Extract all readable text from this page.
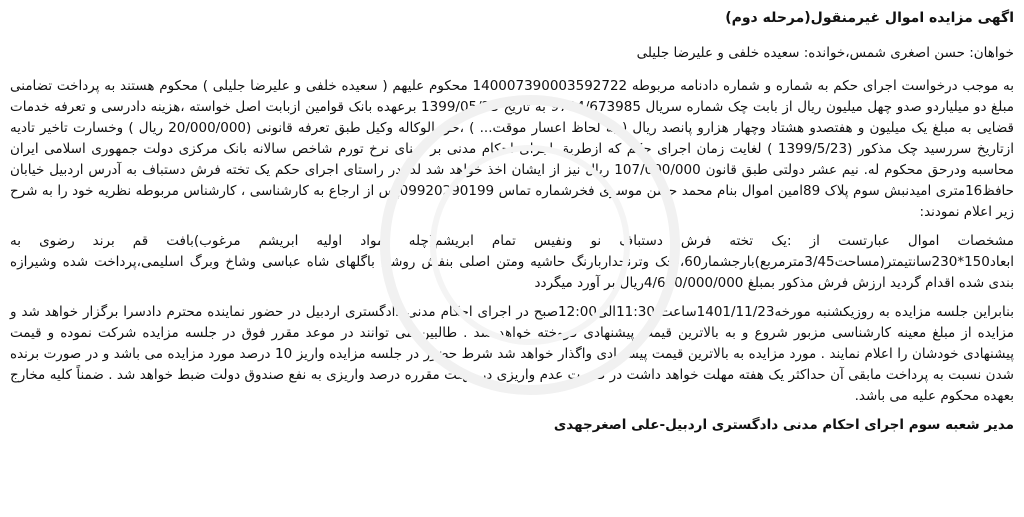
اگهی مزایده اموال غیرمنقول(مرحله دوم)

خواهان: حسن اصغری شمس،خوانده: سعیده خلفی و علیرضا جلیلی

به موجب درخواست اجرای حکم به شماره و شماره دادنامه مربوطه 140007390003592722 محکوم علیهم ( سعیده خلفی و علیرضا جلیلی ) محکوم هستند به پرداخت تضامنی مبلغ دو میلیاردو صدو چهل میلیون ریال از بابت چک شماره سریال 9704/673985 به تاریخ 1399/05/23 برعهده بانک قوامین ازبابت اصل خواسته ،هزینه دادرسی و تعرفه خدمات قضایی به مبلغ یک میلیون و هفتصدو هشتاد وچهار هزارو پانصد ریال ( به لحاظ اعسار موقت... ) ،حق الوکاله وکیل طبق تعرفه قانونی (20/000/000 ریال ) وخسارت تاخیر تادیه ازتاریخ سررسید چک مذکور (1399/5/23 ) لغایت زمان اجرای حکم که ازطریق اجرای احکام مدنی بر مبنای نرخ تورم شاخص سالانه بانک مرکزی دولت جمهوری اسلامی ایران محاسبه ودرحق محکوم له. نیم عشر دولتی طبق قانون 107/000/000 ریال نیز از ایشان اخذ خواهد شد لذا در راستای اجرای حکم یک تخته فرش دستباف به آدرس اردبیل خیابان حافظ16متری امیدنبش سوم پلاک 89امین اموال بنام محمد حسن موسوی فخرشماره تماس 09920290199پس از ارجاع به کارشناسی ، کارشناس مربوطه نظریه خود را به شرح زیر اعلام نمودند:

مشخصات اموال عبارتست از :یک تخته فرش دستباف نو ونفیس تمام ابریشم(چله ومواد اولیه ابریشم مرغوب)بافت قم برند رضوی به ابعاد150*230سانتیمتر(مساحت3/45مترمربع)بارجشمار60،لچک وترنجداربارنگ حاشیه ومتن اصلی بنفش روشن باگلهای شاه عباسی وشاخ وبرگ اسلیمی،پرداخت شده وشیرازه بندی شده اقدام گردید ارزش فرش مذکور بمبلغ 4/600/000/000ریال بر آورد میگردد

بنابراین جلسه مزایده به روزیکشنبه مورخه1401/11/23ساعت 11:30الی12:00صبح در اجرای احکام مدنی دادگستری اردبیل در حضور نماینده محترم دادسرا برگزار خواهد شد و مزایده از مبلغ معینه کارشناسی مزبور شروع و به بالاترین قیمت پیشنهادی فروخته خواهد شد . طالبین می توانند در موعد مقرر فوق در جلسه مزایده شرکت نموده و قیمت پیشنهادی خودشان را اعلام نمایند . مورد مزایده به بالاترین قیمت پیشنهادی واگذار خواهد شد شرط حضور در جلسه مزایده واریز 10 درصد مورد مزایده می باشد و در صورت برنده شدن نسبت به پرداخت مابقی آن حداکثر یک هفته مهلت خواهد داشت در صورت عدم واریزی در مهلت مقرره درصد واریزی به نفع صندوق دولت ضبط خواهد شد . ضمناً کلیه مخارج بعهده محکوم علیه می باشد.

مدیر شعبه سوم اجرای احکام مدنی دادگستری اردبیل-علی اصغرجهدی
